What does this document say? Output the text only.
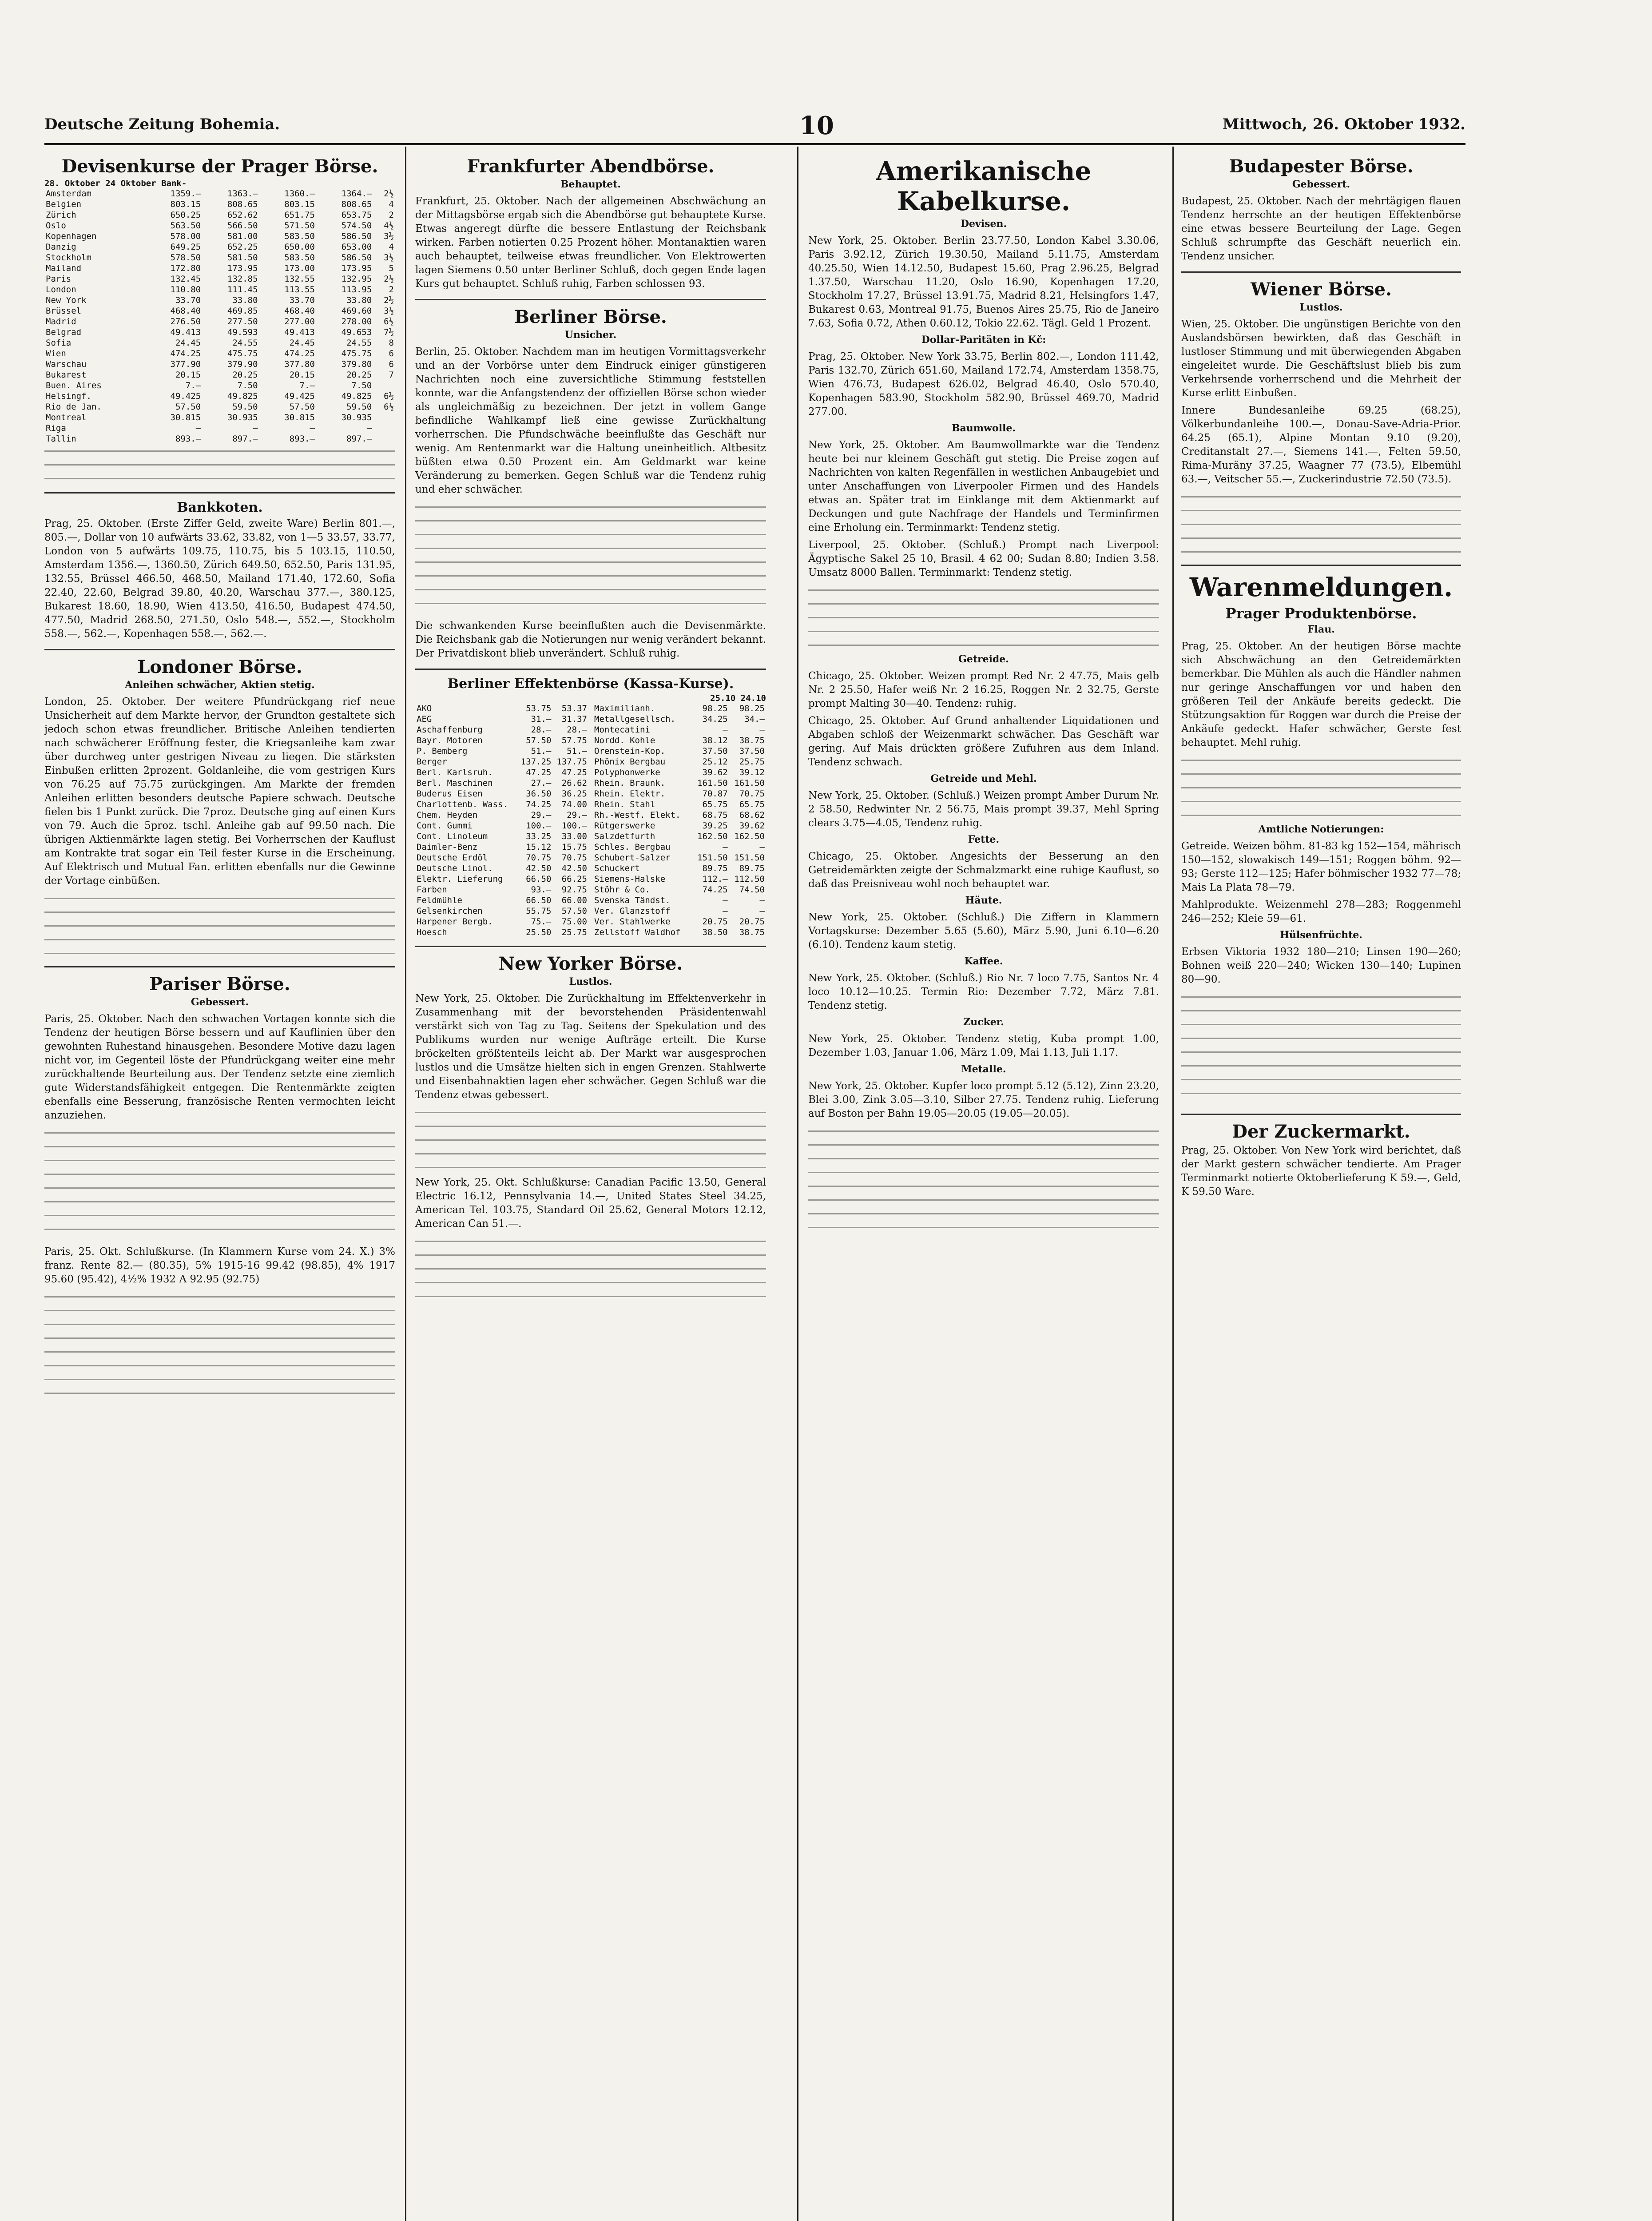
Deutsche Zeitung Bohemia.	10	Mittwoch, 26. Oktober 1932.
Devisenkurse der Prager Börse.
28. Oktober 24 Oktober Bank-
Amsterdam	1359.—	1363.—	1360.—	1364.—	2½
Belgien	803.15	808.65	803.15	808.65	4
Zürich	650.25	652.62	651.75	653.75	2
Oslo	563.50	566.50	571.50	574.50	4½
Kopenhagen	578.00	581.00	583.50	586.50	3½
Danzig	649.25	652.25	650.00	653.00	4
Stockholm	578.50	581.50	583.50	586.50	3½
Mailand	172.80	173.95	173.00	173.95	5
Paris	132.45	132.85	132.55	132.95	2½
London	110.80	111.45	113.55	113.95	2
New York	33.70	33.80	33.70	33.80	2½
Brüssel	468.40	469.85	468.40	469.60	3½
Madrid	276.50	277.50	277.00	278.00	6½
Belgrad	49.413	49.593	49.413	49.653	7½
Sofia	24.45	24.55	24.45	24.55	8
Wien	474.25	475.75	474.25	475.75	6
Warschau	377.90	379.90	377.80	379.80	6
Bukarest	20.15	20.25	20.15	20.25	7
Buen. Aires	7.—	7.50	7.—	7.50	
Helsingf.	49.425	49.825	49.425	49.825	6½
Rio de Jan.	57.50	59.50	57.50	59.50	6½
Montreal	30.815	30.935	30.815	30.935	
Riga	—	—	—	—	
Tallin	893.—	897.—	893.—	897.—	
Bankkoten.

Prag, 25. Oktober. (Erste Ziffer Geld, zweite Ware) Berlin 801.—, 805.—, Dollar von 10 aufwärts 33.62, 33.82, von 1—5 33.57, 33.77, London von 5 aufwärts 109.75, 110.75, bis 5 103.15, 110.50, Amsterdam 1356.—, 1360.50, Zürich 649.50, 652.50, Paris 131.95, 132.55, Brüssel 466.50, 468.50, Mailand 171.40, 172.60, Sofia 22.40, 22.60, Belgrad 39.80, 40.20, Warschau 377.—, 380.125, Bukarest 18.60, 18.90, Wien 413.50, 416.50, Budapest 474.50, 477.50, Madrid 268.50, 271.50, Oslo 548.—, 552.—, Stockholm 558.—, 562.—, Kopenhagen 558.—, 562.—.

Londoner Börse.
Anleihen schwächer, Aktien stetig.

London, 25. Oktober. Der weitere Pfundrückgang rief neue Unsicherheit auf dem Markte hervor, der Grundton gestaltete sich jedoch schon etwas freundlicher. Britische Anleihen tendierten nach schwächerer Eröffnung fester, die Kriegsanleihe kam zwar über durchweg unter gestrigen Niveau zu liegen. Die stärksten Einbußen erlitten 2prozent. Goldanleihe, die vom gestrigen Kurs von 76.25 auf 75.75 zurückgingen. Am Markte der fremden Anleihen erlitten besonders deutsche Papiere schwach. Deutsche fielen bis 1 Punkt zurück. Die 7proz. Deutsche ging auf einen Kurs von 79. Auch die 5proz. tschl. Anleihe gab auf 99.50 nach. Die übrigen Aktienmärkte lagen stetig. Bei Vorherrschen der Kauflust am Kontrakte trat sogar ein Teil fester Kurse in die Erscheinung. Auf Elektrisch und Mutual Fan. erlitten ebenfalls nur die Gewinne der Vortage einbüßen.

Pariser Börse.
Gebessert.

Paris, 25. Oktober. Nach den schwachen Vortagen konnte sich die Tendenz der heutigen Börse bessern und auf Kauflinien über den gewohnten Ruhestand hinausgehen. Besondere Motive dazu lagen nicht vor, im Gegenteil löste der Pfundrückgang weiter eine mehr zurückhaltende Beurteilung aus. Der Tendenz setzte eine ziemlich gute Widerstandsfähigkeit entgegen. Die Rentenmärkte zeigten ebenfalls eine Besserung, französische Renten vermochten leicht anzuziehen.

Paris, 25. Okt. Schlußkurse. (In Klammern Kurse vom 24. X.) 3% franz. Rente 82.— (80.35), 5% 1915-16 99.42 (98.85), 4% 1917 95.60 (95.42), 4½% 1932 A 92.95 (92.75)

Frankfurter Abendbörse.
Behauptet.

Frankfurt, 25. Oktober. Nach der allgemeinen Abschwächung an der Mittagsbörse ergab sich die Abendbörse gut behauptete Kurse. Etwas angeregt dürfte die bessere Entlastung der Reichsbank wirken. Farben notierten 0.25 Prozent höher. Montanaktien waren auch behauptet, teilweise etwas freundlicher. Von Elektrowerten lagen Siemens 0.50 unter Berliner Schluß, doch gegen Ende lagen Kurs gut behauptet. Schluß ruhig, Farben schlossen 93.

Berliner Börse.
Unsicher.

Berlin, 25. Oktober. Nachdem man im heutigen Vormittagsverkehr und an der Vorbörse unter dem Eindruck einiger günstigeren Nachrichten noch eine zuversichtliche Stimmung feststellen konnte, war die Anfangstendenz der offiziellen Börse schon wieder als ungleichmäßig zu bezeichnen. Der jetzt in vollem Gange befindliche Wahlkampf ließ eine gewisse Zurückhaltung vorherrschen. Die Pfundschwäche beeinflußte das Geschäft nur wenig. Am Rentenmarkt war die Haltung uneinheitlich. Altbesitz büßten etwa 0.50 Prozent ein. Am Geldmarkt war keine Veränderung zu bemerken. Gegen Schluß war die Tendenz ruhig und eher schwächer.

Die schwankenden Kurse beeinflußten auch die Devisenmärkte. Die Reichsbank gab die Notierungen nur wenig verändert bekannt. Der Privatdiskont blieb unverändert. Schluß ruhig.

Berliner Effektenbörse (Kassa-Kurse).
25.10 24.10
AKO	53.75	53.37
AEG	31.—	31.37
Aschaffenburg	28.—	28.—
Bayr. Motoren	57.50	57.75
P. Bemberg	51.—	51.—
Berger	137.25	137.75
Berl. Karlsruh.	47.25	47.25
Berl. Maschinen	27.—	26.62
Buderus Eisen	36.50	36.25
Charlottenb. Wass.	74.25	74.00
Chem. Heyden	29.—	29.—
Cont. Gummi	100.—	100.—
Cont. Linoleum	33.25	33.00
Daimler-Benz	15.12	15.75
Deutsche Erdöl	70.75	70.75
Deutsche Linol.	42.50	42.50
Elektr. Lieferung	66.50	66.25
Farben	93.—	92.75
Feldmühle	66.50	66.00
Gelsenkirchen	55.75	57.50
Harpener Bergb.	75.—	75.00
Hoesch	25.50	25.75
Maximilianh.	98.25	98.25
Metallgesellsch.	34.25	34.—
Montecatini	—	—
Nordd. Kohle	38.12	38.75
Orenstein-Kop.	37.50	37.50
Phönix Bergbau	25.12	25.75
Polyphonwerke	39.62	39.12
Rhein. Braunk.	161.50	161.50
Rhein. Elektr.	70.87	70.75
Rhein. Stahl	65.75	65.75
Rh.-Westf. Elekt.	68.75	68.62
Rütgerswerke	39.25	39.62
Salzdetfurth	162.50	162.50
Schles. Bergbau	—	—
Schubert-Salzer	151.50	151.50
Schuckert	89.75	89.75
Siemens-Halske	112.—	112.50
Stöhr & Co.	74.25	74.50
Svenska Tändst.	—	—
Ver. Glanzstoff	—	—
Ver. Stahlwerke	20.75	20.75
Zellstoff Waldhof	38.50	38.75
New Yorker Börse.
Lustlos.

New York, 25. Oktober. Die Zurückhaltung im Effektenverkehr in Zusammenhang mit der bevorstehenden Präsidentenwahl verstärkt sich von Tag zu Tag. Seitens der Spekulation und des Publikums wurden nur wenige Aufträge erteilt. Die Kurse bröckelten größtenteils leicht ab. Der Markt war ausgesprochen lustlos und die Umsätze hielten sich in engen Grenzen. Stahlwerte und Eisenbahnaktien lagen eher schwächer. Gegen Schluß war die Tendenz etwas gebessert.

New York, 25. Okt. Schlußkurse: Canadian Pacific 13.50, General Electric 16.12, Pennsylvania 14.—, United States Steel 34.25, American Tel. 103.75, Standard Oil 25.62, General Motors 12.12, American Can 51.—.

Amerikanische Kabelkurse.
Devisen.

New York, 25. Oktober. Berlin 23.77.50, London Kabel 3.30.06, Paris 3.92.12, Zürich 19.30.50, Mailand 5.11.75, Amsterdam 40.25.50, Wien 14.12.50, Budapest 15.60, Prag 2.96.25, Belgrad 1.37.50, Warschau 11.20, Oslo 16.90, Kopenhagen 17.20, Stockholm 17.27, Brüssel 13.91.75, Madrid 8.21, Helsingfors 1.47, Bukarest 0.63, Montreal 91.75, Buenos Aires 25.75, Rio de Janeiro 7.63, Sofia 0.72, Athen 0.60.12, Tokio 22.62. Tägl. Geld 1 Prozent.

Dollar-Paritäten in Kč:

Prag, 25. Oktober. New York 33.75, Berlin 802.—, London 111.42, Paris 132.70, Zürich 651.60, Mailand 172.74, Amsterdam 1358.75, Wien 476.73, Budapest 626.02, Belgrad 46.40, Oslo 570.40, Kopenhagen 583.90, Stockholm 582.90, Brüssel 469.70, Madrid 277.00.

Baumwolle.

New York, 25. Oktober. Am Baumwollmarkte war die Tendenz heute bei nur kleinem Geschäft gut stetig. Die Preise zogen auf Nachrichten von kalten Regenfällen in westlichen Anbaugebiet und unter Anschaffungen von Liverpooler Firmen und des Handels etwas an. Später trat im Einklange mit dem Aktienmarkt auf Deckungen und gute Nachfrage der Handels und Terminfirmen eine Erholung ein. Terminmarkt: Tendenz stetig.

Liverpool, 25. Oktober. (Schluß.) Prompt nach Liverpool: Ägyptische Sakel 25 10, Brasil. 4 62 00; Sudan 8.80; Indien 3.58. Umsatz 8000 Ballen. Terminmarkt: Tendenz stetig.

Getreide.

Chicago, 25. Oktober. Weizen prompt Red Nr. 2 47.75, Mais gelb Nr. 2 25.50, Hafer weiß Nr. 2 16.25, Roggen Nr. 2 32.75, Gerste prompt Malting 30—40. Tendenz: ruhig.

Chicago, 25. Oktober. Auf Grund anhaltender Liquidationen und Abgaben schloß der Weizenmarkt schwächer. Das Geschäft war gering. Auf Mais drückten größere Zufuhren aus dem Inland. Tendenz schwach.

Getreide und Mehl.

New York, 25. Oktober. (Schluß.) Weizen prompt Amber Durum Nr. 2 58.50, Redwinter Nr. 2 56.75, Mais prompt 39.37, Mehl Spring clears 3.75—4.05, Tendenz ruhig.

Fette.

Chicago, 25. Oktober. Angesichts der Besserung an den Getreidemärkten zeigte der Schmalzmarkt eine ruhige Kauflust, so daß das Preisniveau wohl noch behauptet war.

Häute.

New York, 25. Oktober. (Schluß.) Die Ziffern in Klammern Vortagskurse: Dezember 5.65 (5.60), März 5.90, Juni 6.10—6.20 (6.10). Tendenz kaum stetig.

Kaffee.

New York, 25. Oktober. (Schluß.) Rio Nr. 7 loco 7.75, Santos Nr. 4 loco 10.12—10.25. Termin Rio: Dezember 7.72, März 7.81. Tendenz stetig.

Zucker.

New York, 25. Oktober. Tendenz stetig, Kuba prompt 1.00, Dezember 1.03, Januar 1.06, März 1.09, Mai 1.13, Juli 1.17.

Metalle.

New York, 25. Oktober. Kupfer loco prompt 5.12 (5.12), Zinn 23.20, Blei 3.00, Zink 3.05—3.10, Silber 27.75. Tendenz ruhig. Lieferung auf Boston per Bahn 19.05—20.05 (19.05—20.05).

Budapester Börse.
Gebessert.

Budapest, 25. Oktober. Nach der mehrtägigen flauen Tendenz herrschte an der heutigen Effektenbörse eine etwas bessere Beurteilung der Lage. Gegen Schluß schrumpfte das Geschäft neuerlich ein. Tendenz unsicher.

Wiener Börse.
Lustlos.

Wien, 25. Oktober. Die ungünstigen Berichte von den Auslandsbörsen bewirkten, daß das Geschäft in lustloser Stimmung und mit überwiegenden Abgaben eingeleitet wurde. Die Geschäftslust blieb bis zum Verkehrsende vorherrschend und die Mehrheit der Kurse erlitt Einbußen.

Innere Bundesanleihe 69.25 (68.25), Völkerbundanleihe 100.—, Donau-Save-Adria-Prior. 64.25 (65.1), Alpine Montan 9.10 (9.20), Creditanstalt 27.—, Siemens 141.—, Felten 59.50, Rima-Muräny 37.25, Waagner 77 (73.5), Elbemühl 63.—, Veitscher 55.—, Zuckerindustrie 72.50 (73.5).

Warenmeldungen.
Prager Produktenbörse.
Flau.

Prag, 25. Oktober. An der heutigen Börse machte sich Abschwächung an den Getreidemärkten bemerkbar. Die Mühlen als auch die Händler nahmen nur geringe Anschaffungen vor und haben den größeren Teil der Ankäufe bereits gedeckt. Die Stützungsaktion für Roggen war durch die Preise der Ankäufe gedeckt. Hafer schwächer, Gerste fest behauptet. Mehl ruhig.

Amtliche Notierungen:

Getreide. Weizen böhm. 81-83 kg 152—154, mährisch 150—152, slowakisch 149—151; Roggen böhm. 92—93; Gerste 112—125; Hafer böhmischer 1932 77—78; Mais La Plata 78—79.

Mahlprodukte. Weizenmehl 278—283; Roggenmehl 246—252; Kleie 59—61.

Hülsenfrüchte.

Erbsen Viktoria 1932 180—210; Linsen 190—260; Bohnen weiß 220—240; Wicken 130—140; Lupinen 80—90.

Der Zuckermarkt.

Prag, 25. Oktober. Von New York wird berichtet, daß der Markt gestern schwächer tendierte. Am Prager Terminmarkt notierte Oktoberlieferung K 59.—, Geld, K 59.50 Ware.
